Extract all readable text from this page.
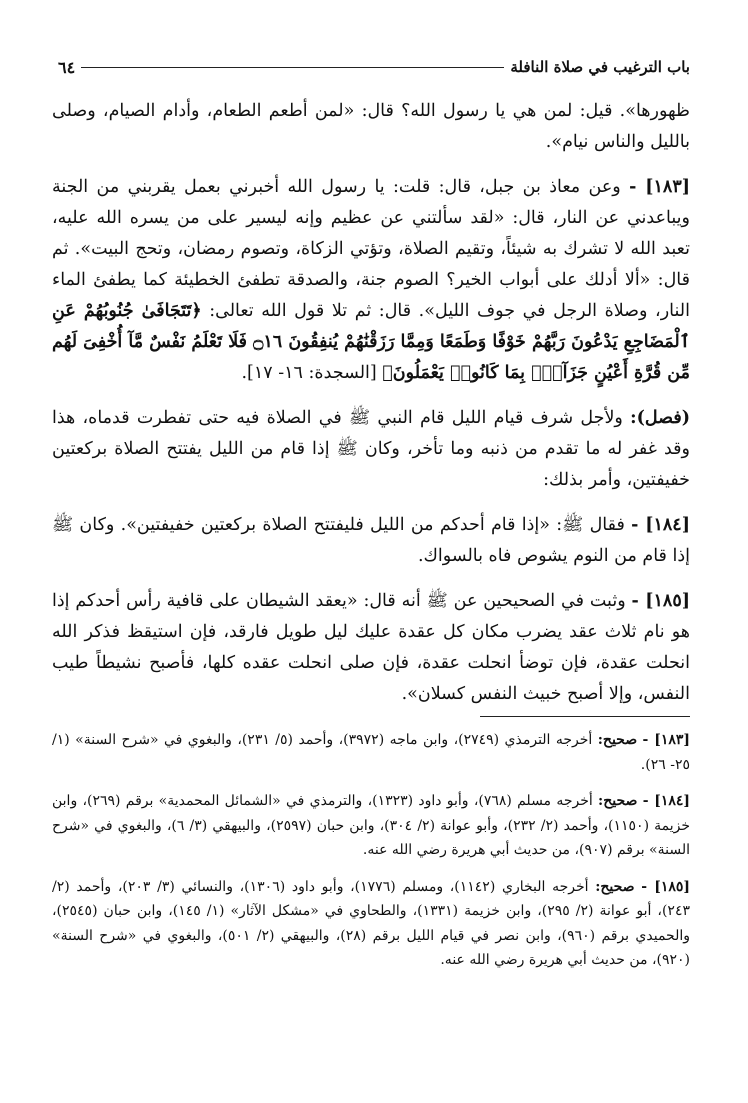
باب الترغيب في صلاة النافلة
٦٤

ظهورها». قيل: لمن هي يا رسول الله؟ قال: «لمن أطعم الطعام، وأدام الصيام، وصلى بالليل والناس نيام».

[١٨٣] - وعن معاذ بن جبل، قال: قلت: يا رسول الله أخبرني بعمل يقربني من الجنة ويباعدني عن النار، قال: «لقد سألتني عن عظيم وإنه ليسير على من يسره الله عليه، تعبد الله لا تشرك به شيئاً، وتقيم الصلاة، وتؤتي الزكاة، وتصوم رمضان، وتحج البيت». ثم قال: «ألا أدلك على أبواب الخير؟ الصوم جنة، والصدقة تطفئ الخطيئة كما يطفئ الماء النار، وصلاة الرجل في جوف الليل». قال: ثم تلا قول الله تعالى: ﴿تَتَجَافَىٰ جُنُوبُهُمْ عَنِ ٱلْمَضَاجِعِ يَدْعُونَ رَبَّهُمْ خَوْفًا وَطَمَعًا وَمِمَّا رَزَقْنَٰهُمْ يُنفِقُونَ ۝١٦ فَلَا تَعْلَمُ نَفْسٌ مَّآ أُخْفِىَ لَهُم مِّن قُرَّةِ أَعْيُنٍ جَزَآءًۢ بِمَا كَانُوا۟ يَعْمَلُونَ﴾ [السجدة: ١٦- ١٧].

(فصل): ولأجل شرف قيام الليل قام النبي ﷺ في الصلاة فيه حتى تفطرت قدماه، هذا وقد غفر له ما تقدم من ذنبه وما تأخر، وكان ﷺ إذا قام من الليل يفتتح الصلاة بركعتين خفيفتين، وأمر بذلك:

[١٨٤] - فقال ﷺ: «إذا قام أحدكم من الليل فليفتتح الصلاة بركعتين خفيفتين». وكان ﷺ إذا قام من النوم يشوص فاه بالسواك.

[١٨٥] - وثبت في الصحيحين عن ﷺ أنه قال: «يعقد الشيطان على قافية رأس أحدكم إذا هو نام ثلاث عقد يضرب مكان كل عقدة عليك ليل طويل فارقد، فإن استيقظ فذكر الله انحلت عقدة، فإن توضأ انحلت عقدة، فإن صلى انحلت عقده كلها، فأصبح نشيطاً طيب النفس، وإلا أصبح خبيث النفس كسلان».

[١٨٣] - صحيح: أخرجه الترمذي (٢٧٤٩)، وابن ماجه (٣٩٧٢)، وأحمد (٥/ ٢٣١)، والبغوي في «شرح السنة» (١/ ٢٥- ٢٦).

[١٨٤] - صحيح: أخرجه مسلم (٧٦٨)، وأبو داود (١٣٢٣)، والترمذي في «الشمائل المحمدية» برقم (٢٦٩)، وابن خزيمة (١١٥٠)، وأحمد (٢/ ٢٣٢)، وأبو عوانة (٢/ ٣٠٤)، وابن حبان (٢٥٩٧)، والبيهقي (٣/ ٦)، والبغوي في «شرح السنة» برقم (٩٠٧)، من حديث أبي هريرة رضي الله عنه.

[١٨٥] - صحيح: أخرجه البخاري (١١٤٢)، ومسلم (١٧٧٦)، وأبو داود (١٣٠٦)، والنسائي (٣/ ٢٠٣)، وأحمد (٢/ ٢٤٣)، أبو عوانة (٢/ ٢٩٥)، وابن خزيمة (١٣٣١)، والطحاوي في «مشكل الآثار» (١/ ١٤٥)، وابن حبان (٢٥٤٥)، والحميدي برقم (٩٦٠)، وابن نصر في قيام الليل برقم (٢٨)، والبيهقي (٢/ ٥٠١)، والبغوي في «شرح السنة» (٩٢٠)، من حديث أبي هريرة رضي الله عنه.
